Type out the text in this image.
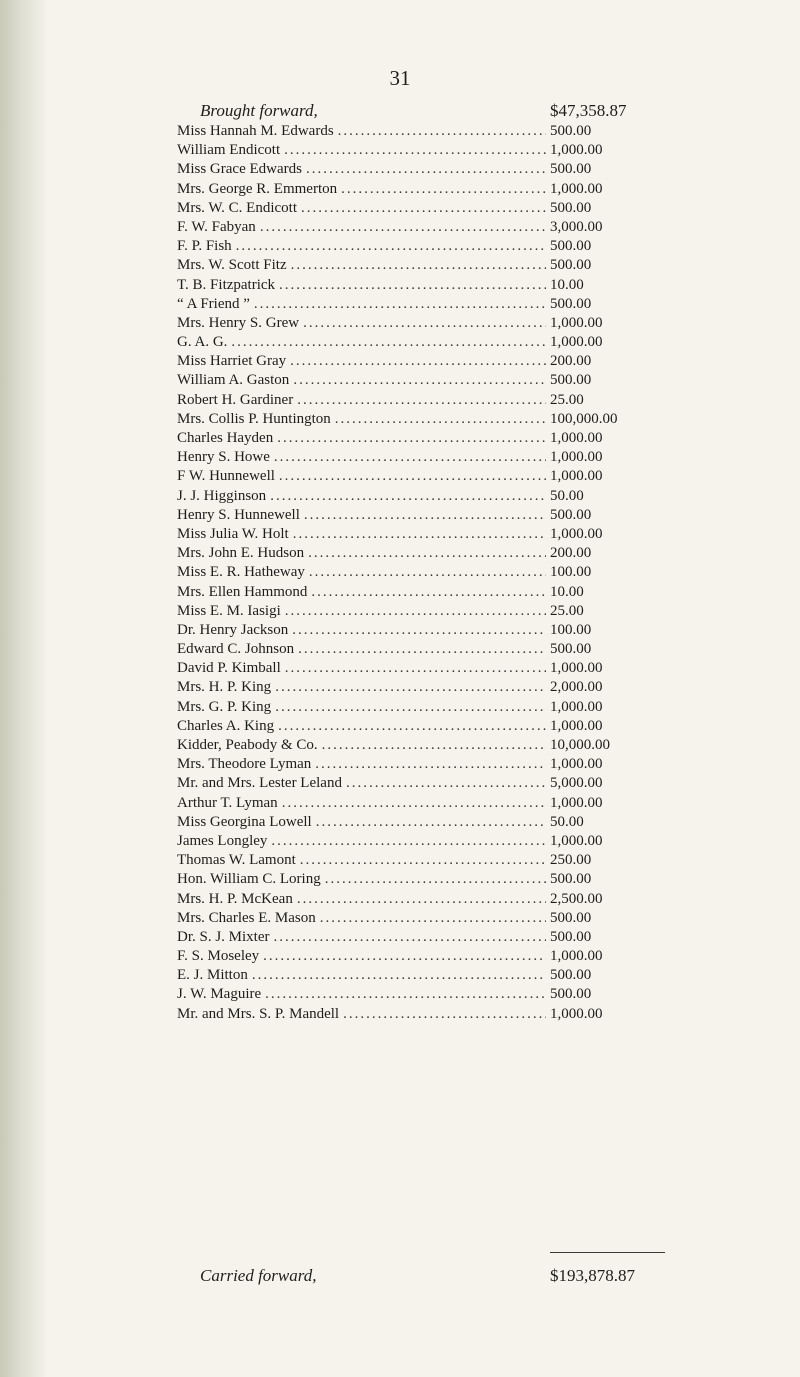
31
Brought forward,	$47,358.87
Miss Hannah M. Edwards .....	500.00
William Endicott .....	1,000.00
Miss Grace Edwards .....	500.00
Mrs. George R. Emmerton .....	1,000.00
Mrs. W. C. Endicott .....	500.00
F. W. Fabyan .....	3,000.00
F. P. Fish .....	500.00
Mrs. W. Scott Fitz .....	500.00
T. B. Fitzpatrick .....	10.00
“ A Friend ” .....	500.00
Mrs. Henry S. Grew .....	1,000.00
G. A. G. .....	1,000.00
Miss Harriet Gray .....	200.00
William A. Gaston .....	500.00
Robert H. Gardiner .....	25.00
Mrs. Collis P. Huntington .....	100,000.00
Charles Hayden .....	1,000.00
Henry S. Howe .....	1,000.00
F W. Hunnewell .....	1,000.00
J. J. Higginson .....	50.00
Henry S. Hunnewell .....	500.00
Miss Julia W. Holt .....	1,000.00
Mrs. John E. Hudson .....	200.00
Miss E. R. Hatheway .....	100.00
Mrs. Ellen Hammond .....	10.00
Miss E. M. Iasigi .....	25.00
Dr. Henry Jackson .....	100.00
Edward C. Johnson .....	500.00
David P. Kimball .....	1,000.00
Mrs. H. P. King .....	2,000.00
Mrs. G. P. King .....	1,000.00
Charles A. King .....	1,000.00
Kidder, Peabody & Co. .....	10,000.00
Mrs. Theodore Lyman .....	1,000.00
Mr. and Mrs. Lester Leland .....	5,000.00
Arthur T. Lyman .....	1,000.00
Miss Georgina Lowell .....	50.00
James Longley .....	1,000.00
Thomas W. Lamont .....	250.00
Hon. William C. Loring .....	500.00
Mrs. H. P. McKean .....	2,500.00
Mrs. Charles E. Mason .....	500.00
Dr. S. J. Mixter .....	500.00
F. S. Moseley .....	1,000.00
E. J. Mitton .....	500.00
J. W. Maguire .....	500.00
Mr. and Mrs. S. P. Mandell .....	1,000.00
Carried forward,	$193,878.87
